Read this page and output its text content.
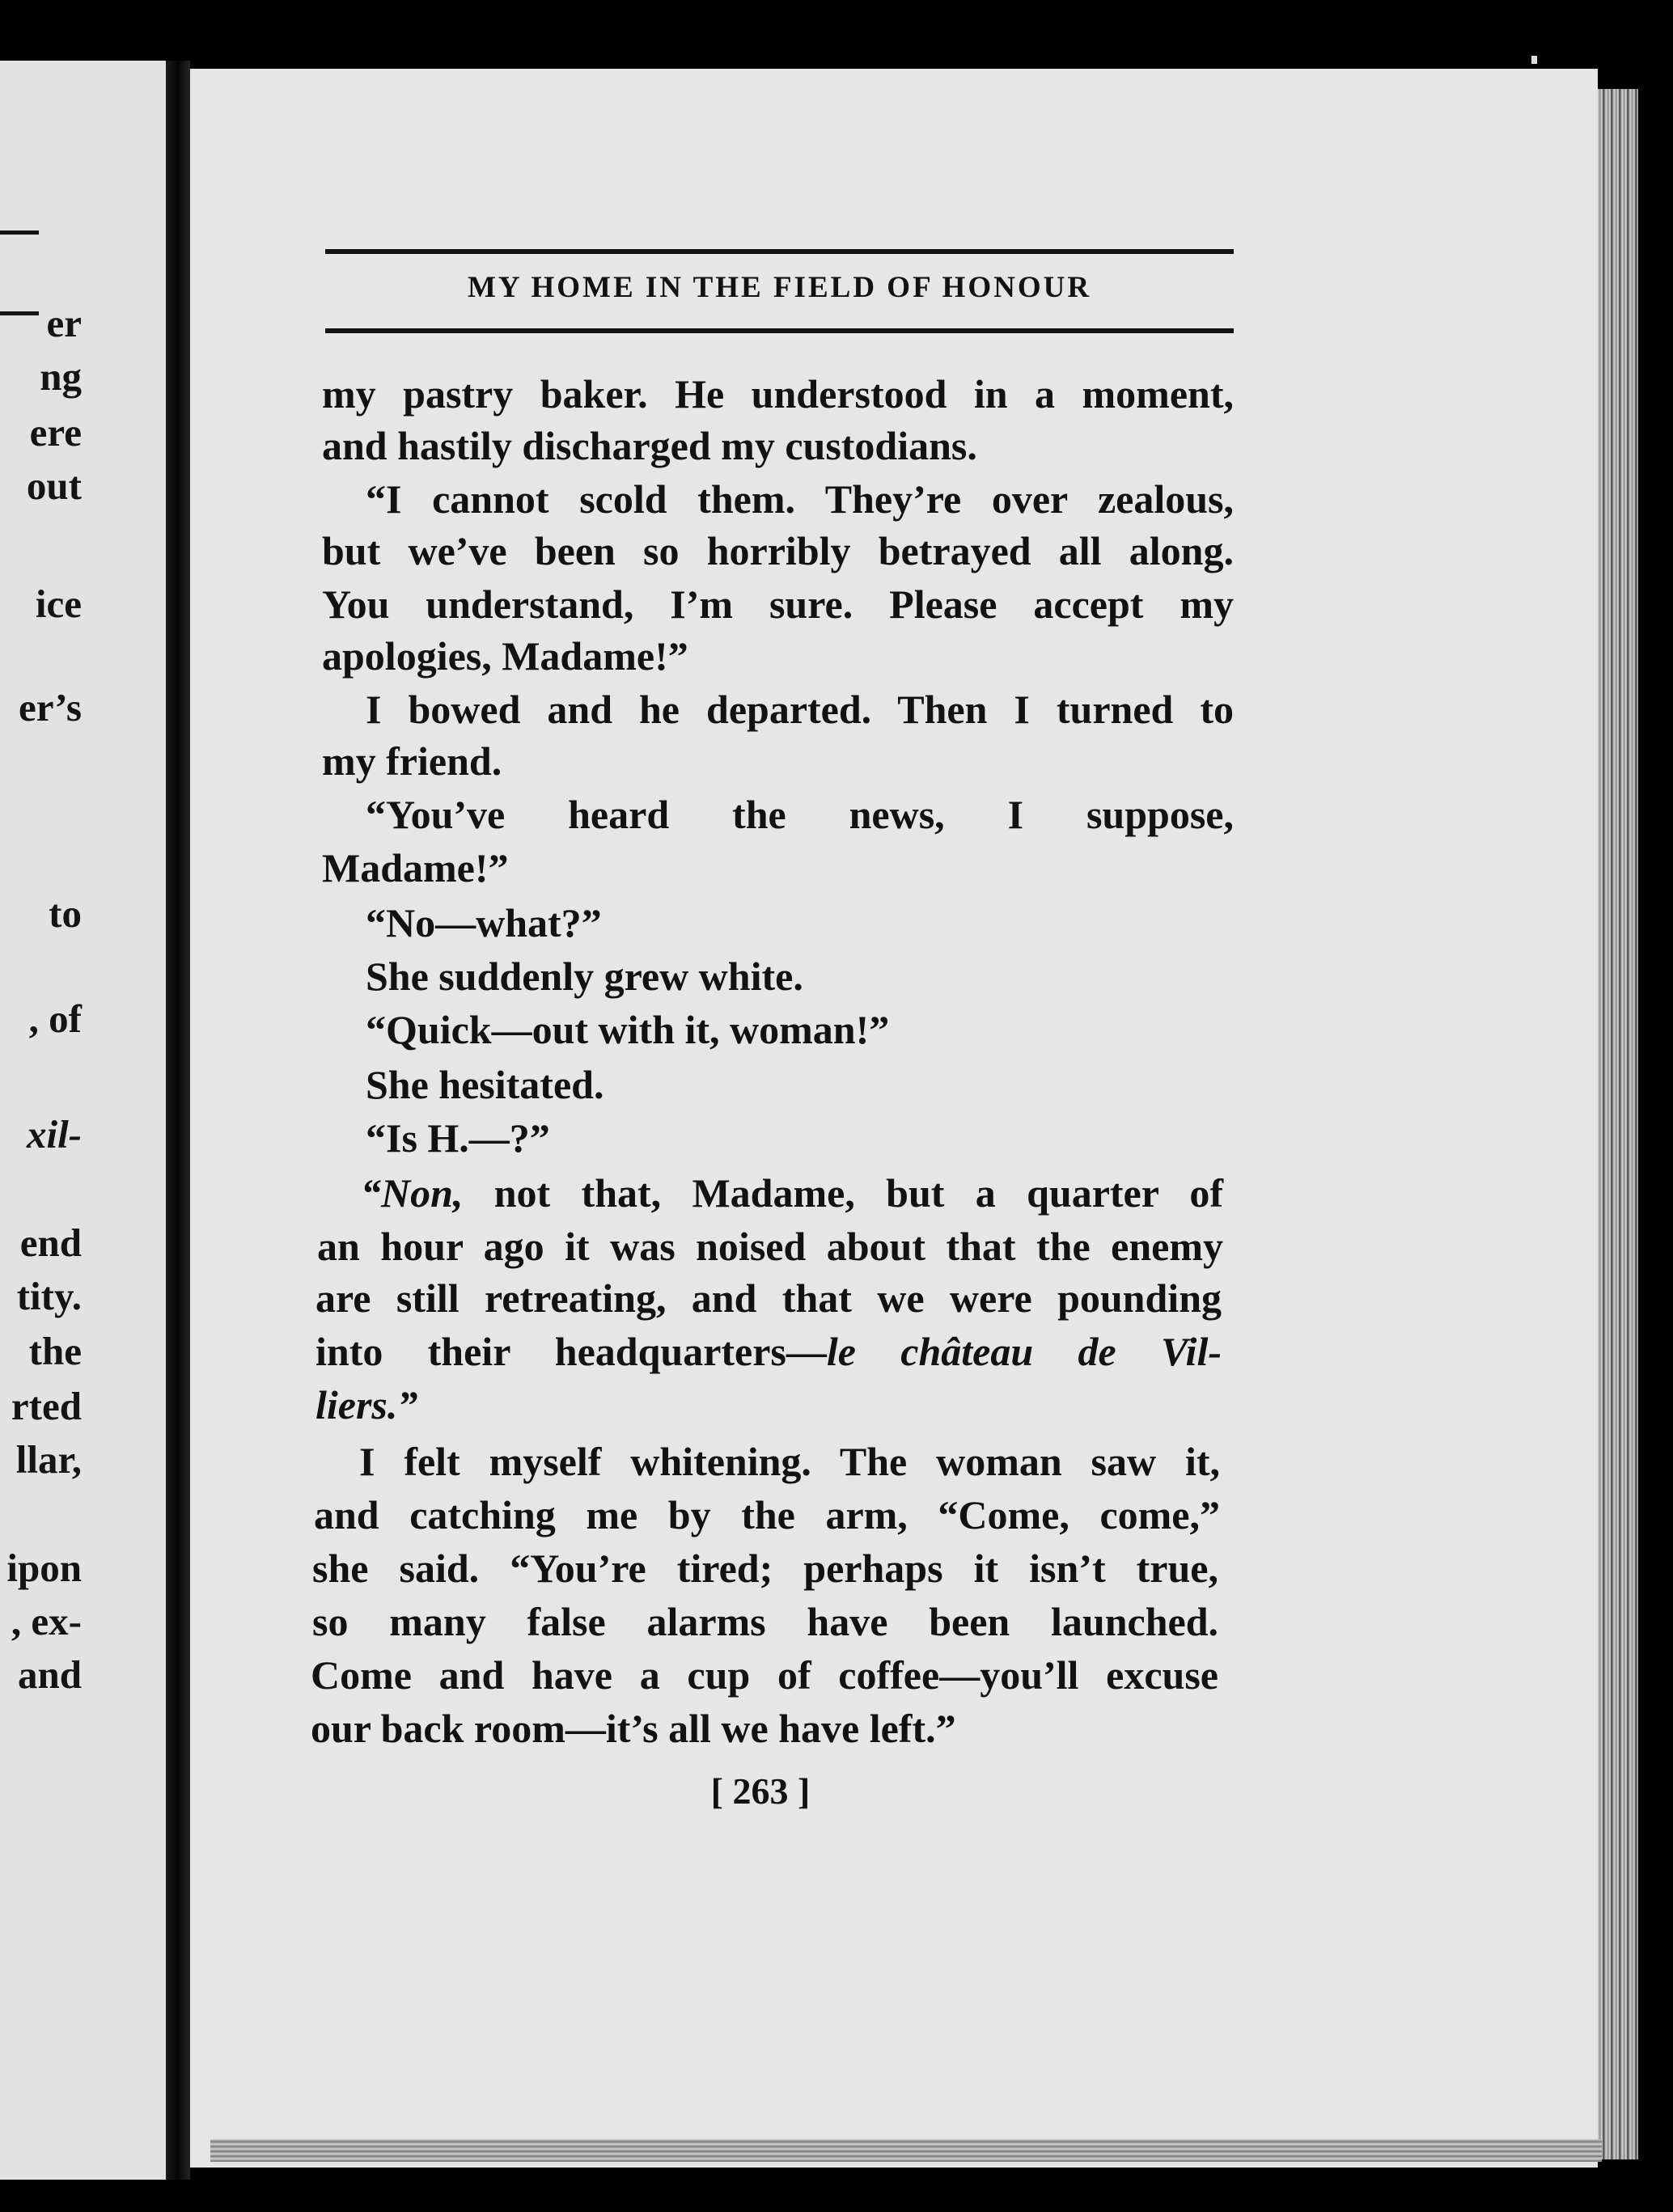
er
ng
ere
out
ice
er’s
to
, of
xil-
end
tity.
the
rted
llar,
ipon
, ex-
and
MY HOME IN THE FIELD OF HONOUR
my pastry baker. He understood in a moment,
and hastily discharged my custodians.
“I cannot scold them. They’re over zealous,
but we’ve been so horribly betrayed all along.
You understand, I’m sure. Please accept my
apologies, Madame!”
I bowed and he departed. Then I turned to
my friend.
“You’ve heard the news, I suppose,
Madame!”
“No—what?”
She suddenly grew white.
“Quick—out with it, woman!”
She hesitated.
“Is H.—?”
“Non, not that, Madame, but a quarter of
an hour ago it was noised about that the enemy
are still retreating, and that we were pounding
into their headquarters—le château de Vil-
liers.”
I felt myself whitening. The woman saw it,
and catching me by the arm, “Come, come,”
she said. “You’re tired; perhaps it isn’t true,
so many false alarms have been launched.
Come and have a cup of coffee—you’ll excuse
our back room—it’s all we have left.”
[ 263 ]
